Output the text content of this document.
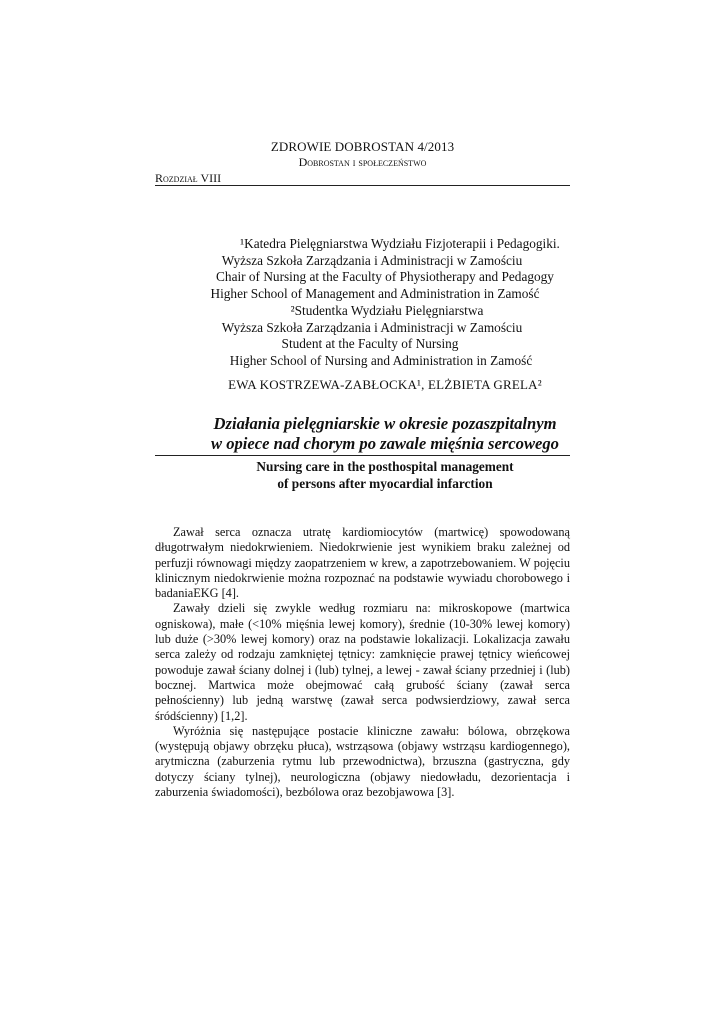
ZDROWIE DOBROSTAN 4/2013
Dobrostan i społeczeństwo
Rozdział VIII
¹Katedra Pielęgniarstwa Wydziału Fizjoterapii i Pedagogiki.
Wyższa Szkoła Zarządzania i Administracji w Zamościu
Chair of Nursing at the Faculty of Physiotherapy and Pedagogy
Higher School of Management and Administration in Zamość
²Studentka Wydziału Pielęgniarstwa
Wyższa Szkoła Zarządzania i Administracji w Zamościu
Student at the Faculty of Nursing
Higher School of Nursing and Administration in Zamość
EWA KOSTRZEWA-ZABŁOCKA¹, ELŻBIETA GRELA²
Działania pielęgniarskie w okresie pozaszpitalnym
w opiece nad chorym po zawale mięśnia sercowego
Nursing care in the posthospital management
of persons after myocardial infarction

Zawał serca oznacza utratę kardiomiocytów (martwicę) spowodowaną długotrwałym niedokrwieniem. Niedokrwienie jest wynikiem braku zależnej od perfuzji równowagi między zaopatrzeniem w krew, a zapotrzebowaniem. W pojęciu klinicznym niedokrwienie można rozpoznać na podstawie wywiadu chorobowego i badaniaEKG [4].

Zawały dzieli się zwykle według rozmiaru na: mikroskopowe (martwica ogniskowa), małe (<10% mięśnia lewej komory), średnie (10-30% lewej komory) lub duże (>30% lewej komory) oraz na podstawie lokalizacji. Lokalizacja zawału serca zależy od rodzaju zamkniętej tętnicy: zamknięcie prawej tętnicy wieńcowej powoduje zawał ściany dolnej i (lub) tylnej, a lewej - zawał ściany przedniej i (lub) bocznej. Martwica może obejmować całą grubość ściany (zawał serca pełnościenny) lub jedną warstwę (zawał serca podwsierdziowy, zawał serca śródścienny) [1,2].

Wyróżnia się następujące postacie kliniczne zawału: bólowa, obrzękowa (występują objawy obrzęku płuca), wstrząsowa (objawy wstrząsu kardiogennego), arytmiczna (zaburzenia rytmu lub przewodnictwa), brzuszna (gastryczna, gdy dotyczy ściany tylnej), neurologiczna (objawy niedowładu, dezorientacja i zaburzenia świadomości), bezbólowa oraz bezobjawowa [3].
